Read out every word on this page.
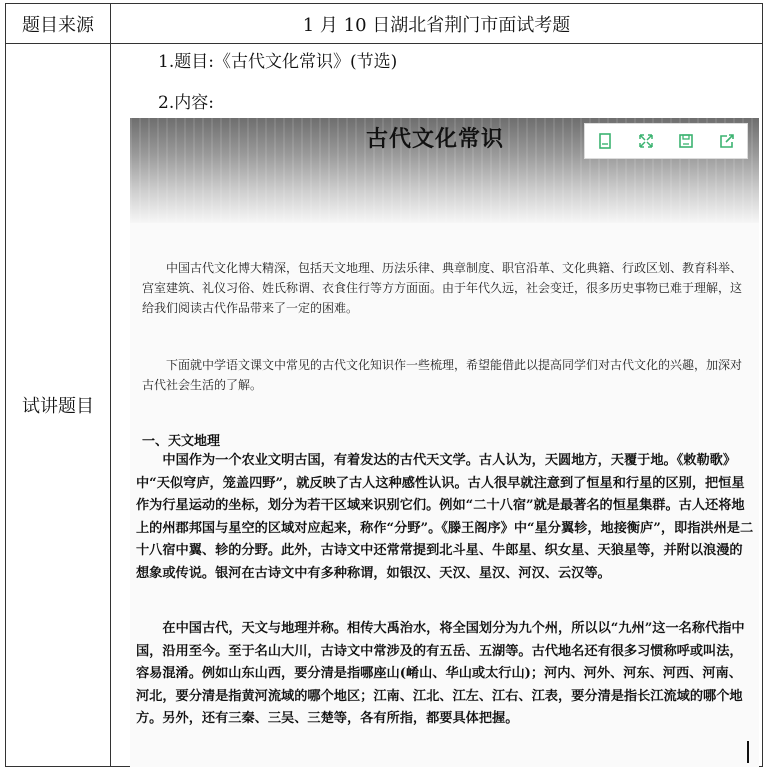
题目来源	1 月 10 日湖北省荆门市面试考题
试讲题目
1.题目:《古代文化常识》(节选)
2.内容:
古代文化常识
中国古代文化博大精深，包括天文地理、历法乐律、典章制度、职官沿革、文化典籍、行政区划、教育科举、宫室建筑、礼仪习俗、姓氏称谓、衣食住行等方方面面。由于年代久远，社会变迁，很多历史事物已难于理解，这给我们阅读古代作品带来了一定的困难。
下面就中学语文课文中常见的古代文化知识作一些梳理，希望能借此以提高同学们对古代文化的兴趣，加深对古代社会生活的了解。
一、天文地理
中国作为一个农业文明古国，有着发达的古代天文学。古人认为，天圆地方，天覆于地。《敕勒歌》中“天似穹庐，笼盖四野”，就反映了古人这种感性认识。古人很早就注意到了恒星和行星的区别，把恒星作为行星运动的坐标，划分为若干区域来识别它们。例如“二十八宿”就是最著名的恒星集群。古人还将地上的州郡邦国与星空的区域对应起来，称作“分野”。《滕王阁序》中“星分翼轸，地接衡庐”，即指洪州是二十八宿中翼、轸的分野。此外，古诗文中还常常提到北斗星、牛郎星、织女星、天狼星等，并附以浪漫的想象或传说。银河在古诗文中有多种称谓，如银汉、天汉、星汉、河汉、云汉等。
在中国古代，天文与地理并称。相传大禹治水，将全国划分为九个州，所以以“九州”这一名称代指中国，沿用至今。至于名山大川，古诗文中常涉及的有五岳、五湖等。古代地名还有很多习惯称呼或叫法，容易混淆。例如山东山西，要分清是指哪座山(崤山、华山或太行山)；河内、河外、河东、河西、河南、河北，要分清是指黄河流域的哪个地区；江南、江北、江左、江右、江表，要分清是指长江流域的哪个地方。另外，还有三秦、三吴、三楚等，各有所指，都要具体把握。
